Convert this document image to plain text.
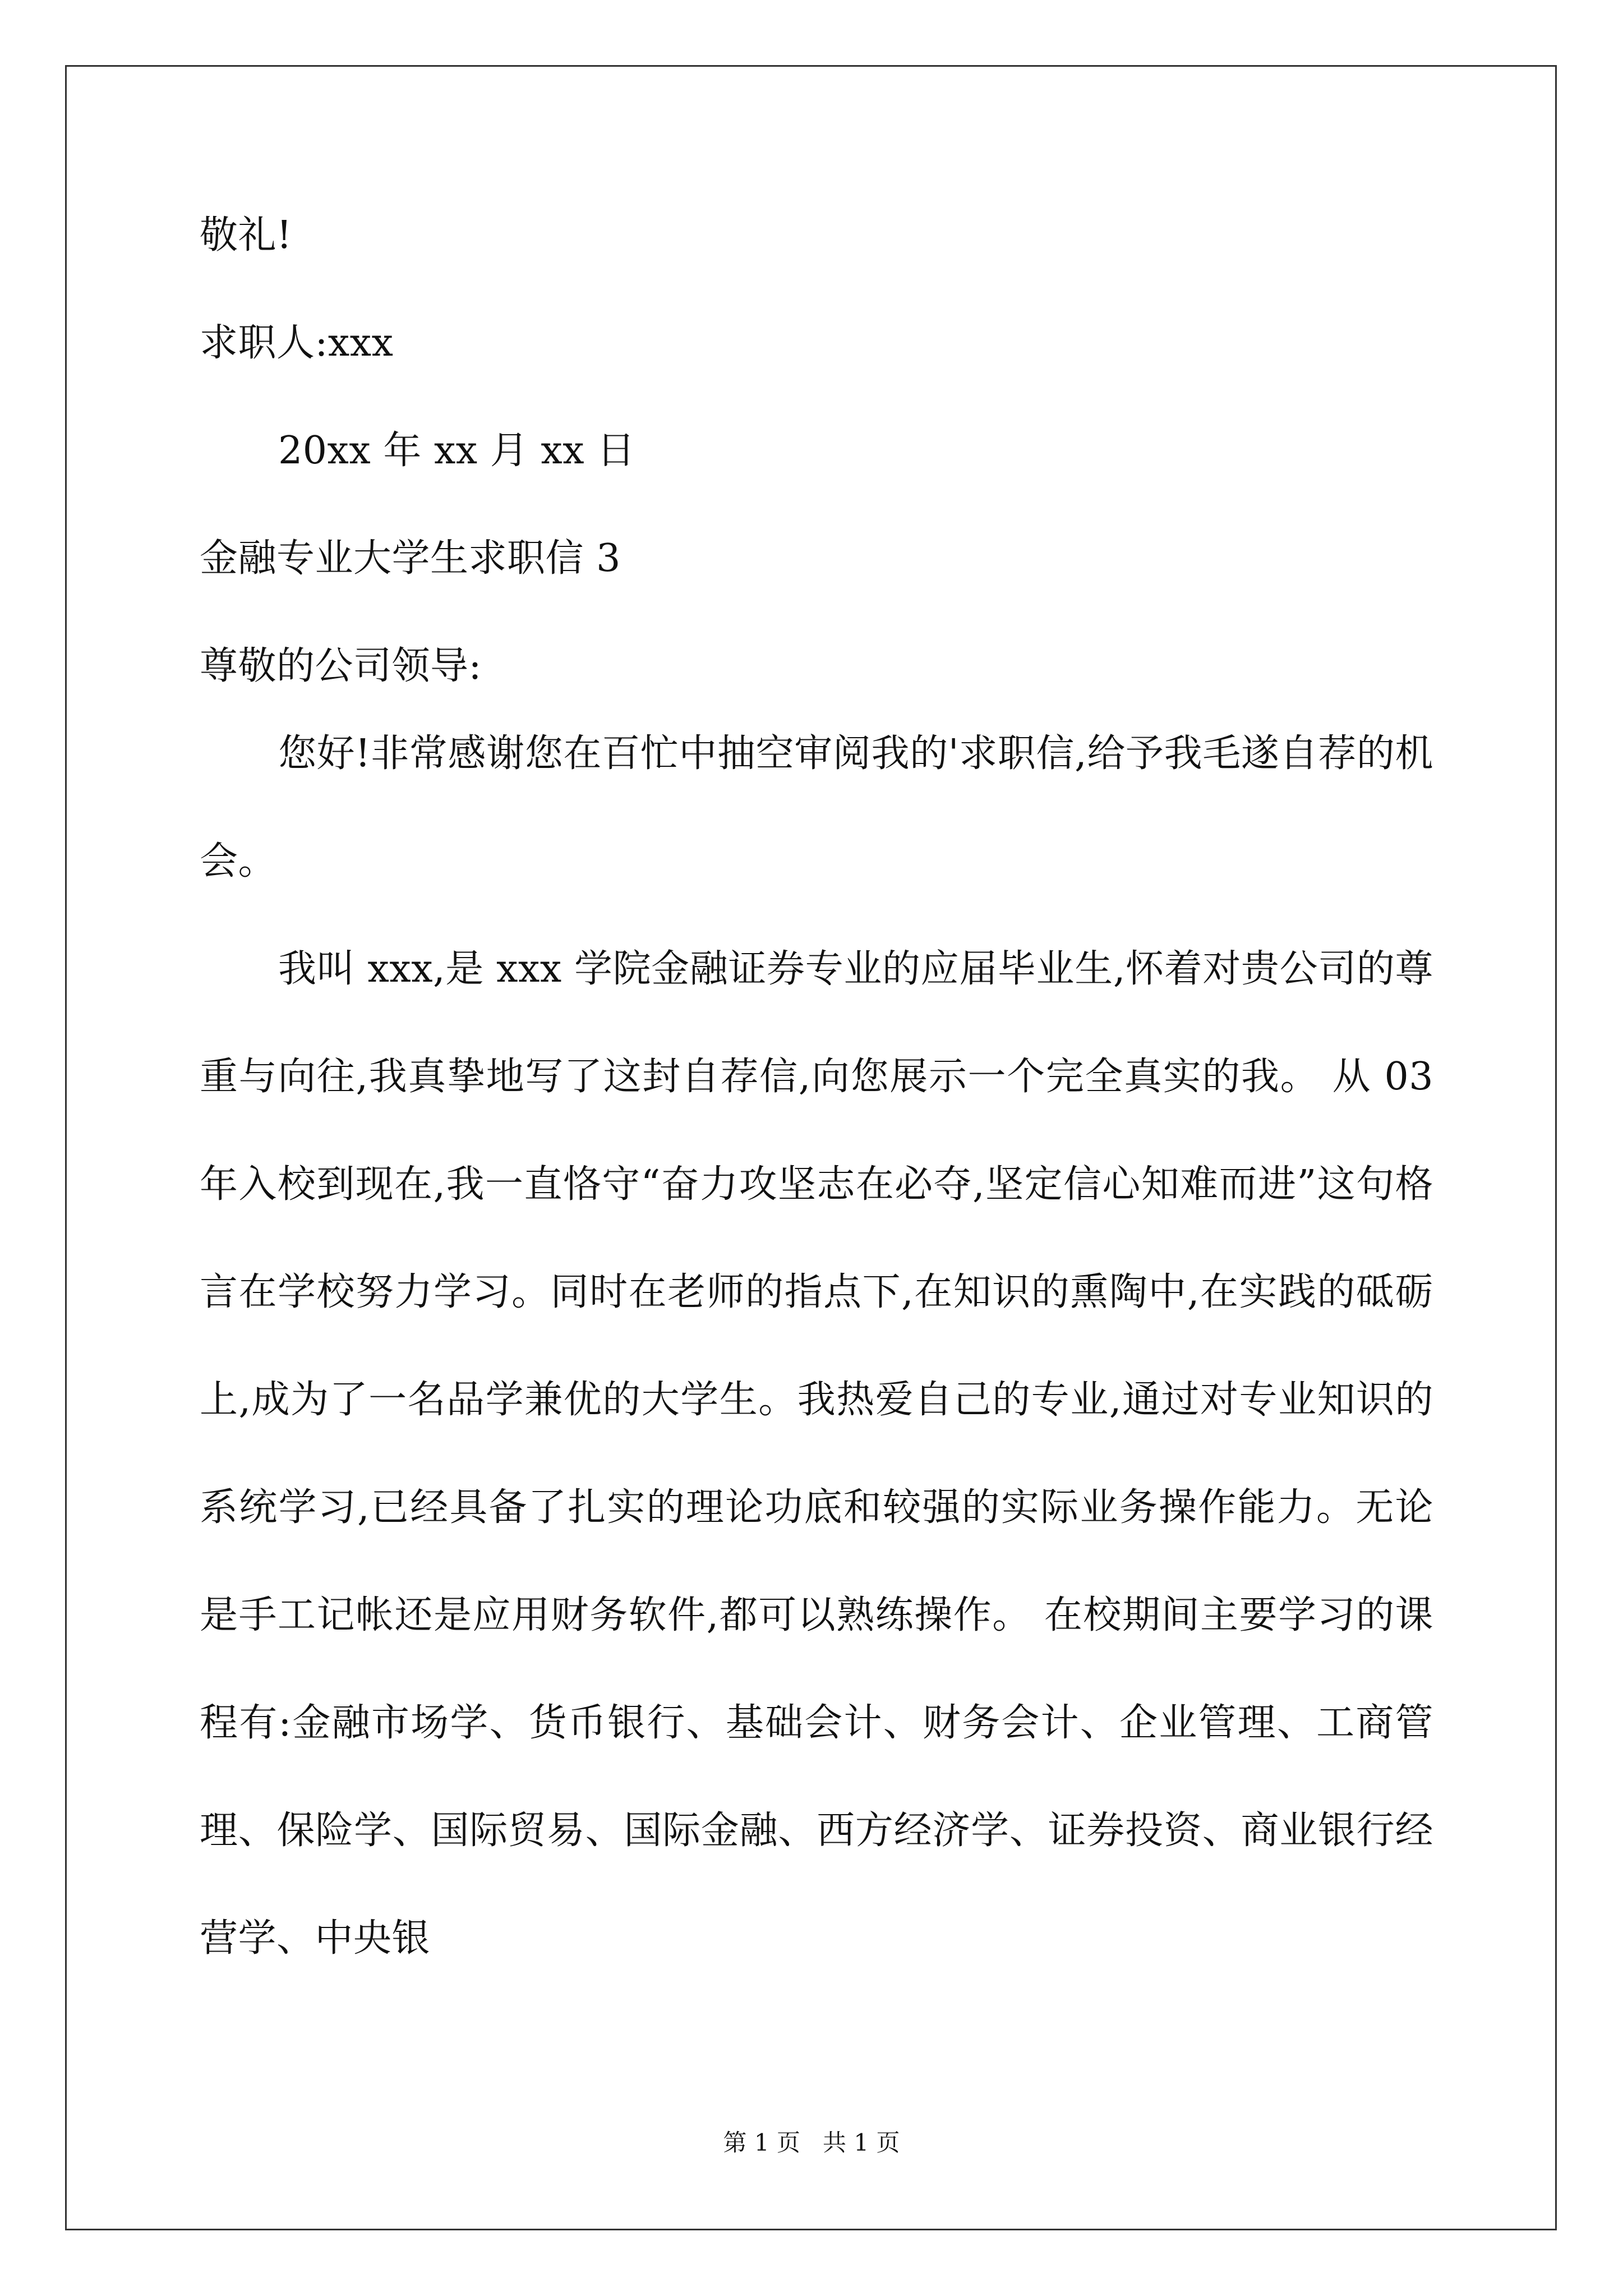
敬礼!
求职人:xxx
20xx 年 xx 月 xx 日
金融专业大学生求职信 3
尊敬的公司领导:

您好!非常感谢您在百忙中抽空审阅我的'求职信,给予我毛遂自荐的机会。

我叫 xxx,是 xxx 学院金融证券专业的应届毕业生,怀着对贵公司的尊重与向往,我真挚地写了这封自荐信,向您展示一个完全真实的我。 从 03 年入校到现在,我一直恪守“奋力攻坚志在必夺,坚定信心知难而进”这句格言在学校努力学习。同时在老师的指点下,在知识的熏陶中,在实践的砥砺上,成为了一名品学兼优的大学生。我热爱自己的专业,通过对专业知识的系统学习,已经具备了扎实的理论功底和较强的实际业务操作能力。无论是手工记帐还是应用财务软件,都可以熟练操作。 在校期间主要学习的课程有:金融市场学、货币银行、基础会计、财务会计、企业管理、工商管理、保险学、国际贸易、国际金融、西方经济学、证券投资、商业银行经营学、中央银

第 1 页   共 1 页
